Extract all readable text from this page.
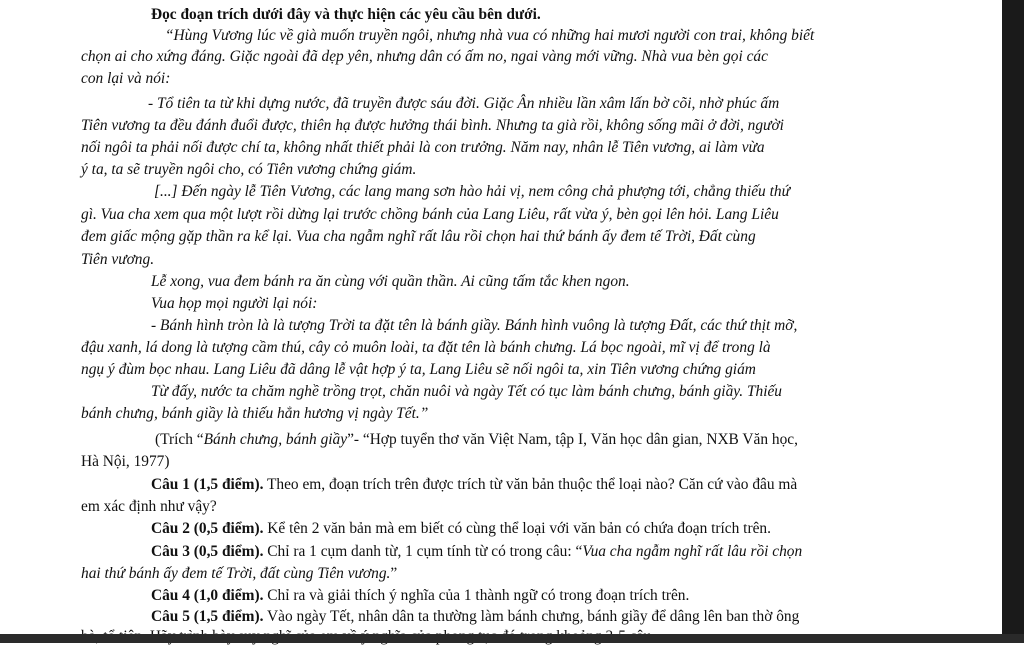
Đọc đoạn trích dưới đây và thực hiện các yêu cầu bên dưới.
“Hùng Vương lúc về già muốn truyền ngôi, nhưng nhà vua có những hai mươi người con trai, không biết
chọn ai cho xứng đáng. Giặc ngoài đã dẹp yên, nhưng dân có ấm no, ngai vàng mới vững. Nhà vua bèn gọi các
con lại và nói:
- Tổ tiên ta từ khi dựng nước, đã truyền được sáu đời. Giặc Ân nhiều lần xâm lấn bờ cõi, nhờ phúc ấm
Tiên vương ta đều đánh đuổi được, thiên hạ được hưởng thái bình. Nhưng ta già rồi, không sống mãi ở đời, người
nối ngôi ta phải nối được chí ta, không nhất thiết phải là con trưởng. Năm nay, nhân lễ Tiên vương, ai làm vừa
ý ta, ta sẽ truyền ngôi cho, có Tiên vương chứng giám.
[...] Đến ngày lễ Tiên Vương, các lang mang sơn hào hải vị, nem công chả phượng tới, chẳng thiếu thứ
gì. Vua cha xem qua một lượt rồi dừng lại trước chồng bánh của Lang Liêu, rất vừa ý, bèn gọi lên hỏi. Lang Liêu
đem giấc mộng gặp thần ra kể lại. Vua cha ngẫm nghĩ rất lâu rồi chọn hai thứ bánh ấy đem tế Trời, Đất cùng
Tiên vương.
Lễ xong, vua đem bánh ra ăn cùng với quần thần. Ai cũng tấm tắc khen ngon.
Vua họp mọi người lại nói:
- Bánh hình tròn là là tượng Trời ta đặt tên là bánh giầy. Bánh hình vuông là tượng Đất, các thứ thịt mỡ,
đậu xanh, lá dong là tượng cầm thú, cây cỏ muôn loài, ta đặt tên là bánh chưng. Lá bọc ngoài, mĩ vị để trong là
ngụ ý đùm bọc nhau. Lang Liêu đã dâng lễ vật hợp ý ta, Lang Liêu sẽ nối ngôi ta, xin Tiên vương chứng giám
Từ đấy, nước ta chăm nghề trồng trọt, chăn nuôi và ngày Tết có tục làm bánh chưng, bánh giầy. Thiếu
bánh chưng, bánh giầy là thiếu hẳn hương vị ngày Tết.”
(Trích “Bánh chưng, bánh giầy”- “Hợp tuyển thơ văn Việt Nam, tập I, Văn học dân gian, NXB Văn học,
Hà Nội, 1977)
Câu 1 (1,5 điểm). Theo em, đoạn trích trên được trích từ văn bản thuộc thể loại nào? Căn cứ vào đâu mà
em xác định như vậy?
Câu 2 (0,5 điểm). Kể tên 2 văn bản mà em biết có cùng thể loại với văn bản có chứa đoạn trích trên.
Câu 3 (0,5 điểm). Chỉ ra 1 cụm danh từ, 1 cụm tính từ có trong câu: “Vua cha ngẫm nghĩ rất lâu rồi chọn
hai thứ bánh ấy đem tế Trời, đất cùng Tiên vương.”
Câu 4 (1,0 điểm). Chỉ ra và giải thích ý nghĩa của 1 thành ngữ có trong đoạn trích trên.
Câu 5 (1,5 điểm). Vào ngày Tết, nhân dân ta thường làm bánh chưng, bánh giầy để dâng lên ban thờ ông
